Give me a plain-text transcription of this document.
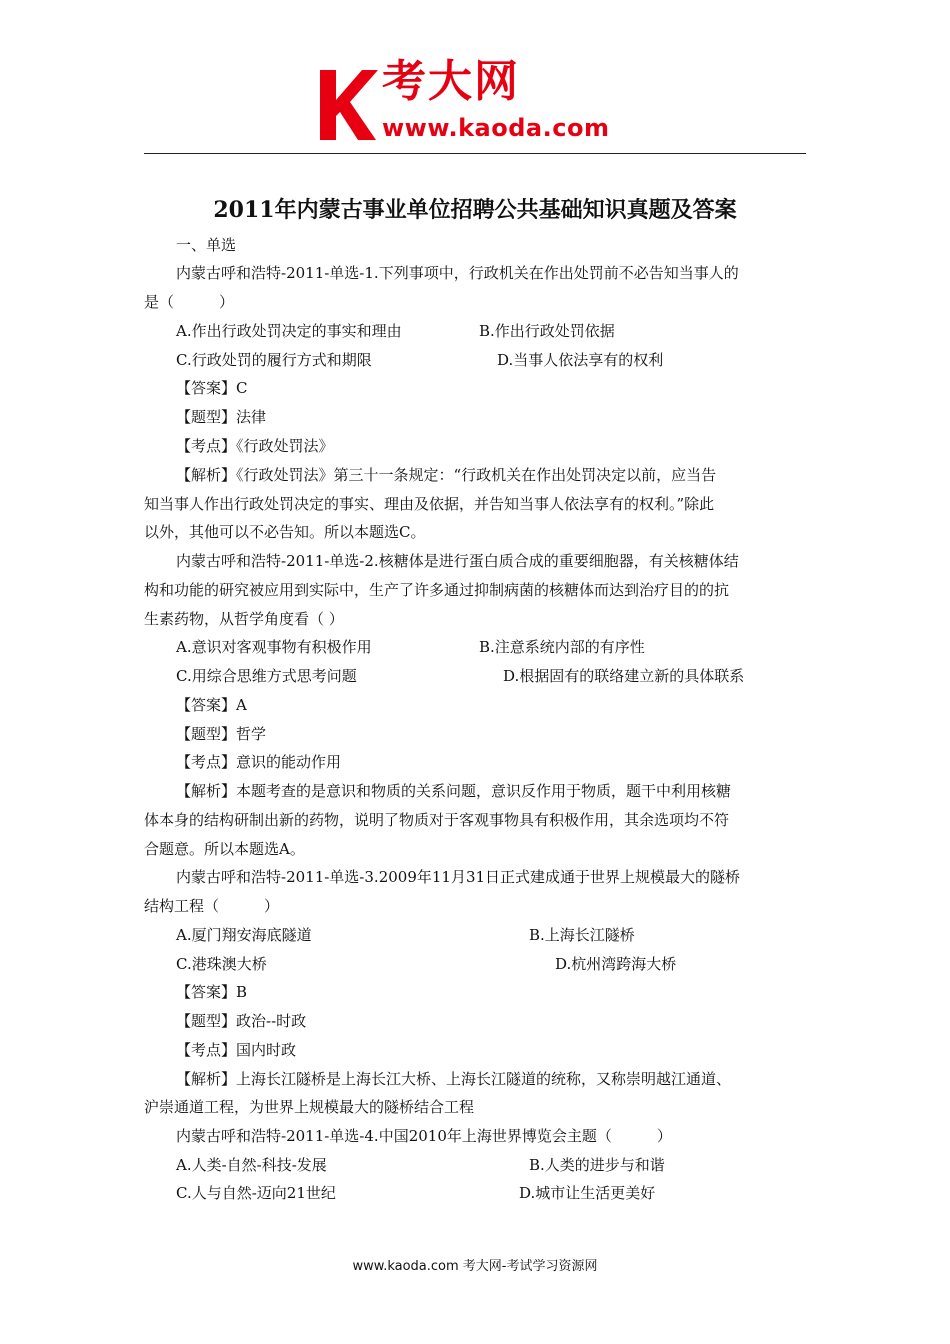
考大网
www.kaoda.com
2011年内蒙古事业单位招聘公共基础知识真题及答案
一、单选
内蒙古呼和浩特-2011-单选-1.下列事项中，行政机关在作出处罚前不必告知当事人的
是（　　　）
A.作出行政处罚决定的事实和理由	B.作出行政处罚依据
C.行政处罚的履行方式和期限	D.当事人依法享有的权利
【答案】C
【题型】法律
【考点】《行政处罚法》
【解析】《行政处罚法》第三十一条规定：“行政机关在作出处罚决定以前，应当告
知当事人作出行政处罚决定的事实、理由及依据，并告知当事人依法享有的权利。”除此
以外，其他可以不必告知。所以本题选C。
内蒙古呼和浩特-2011-单选-2.核糖体是进行蛋白质合成的重要细胞器，有关核糖体结
构和功能的研究被应用到实际中，生产了许多通过抑制病菌的核糖体而达到治疗目的的抗
生素药物，从哲学角度看（ ）
A.意识对客观事物有积极作用	B.注意系统内部的有序性
C.用综合思维方式思考问题	D.根据固有的联络建立新的具体联系
【答案】A
【题型】哲学
【考点】意识的能动作用
【解析】本题考查的是意识和物质的关系问题，意识反作用于物质，题干中利用核糖
体本身的结构研制出新的药物，说明了物质对于客观事物具有积极作用，其余选项均不符
合题意。所以本题选A。
内蒙古呼和浩特-2011-单选-3.2009年11月31日正式建成通于世界上规模最大的隧桥
结构工程（　　　）
A.厦门翔安海底隧道	B.上海长江隧桥
C.港珠澳大桥	D.杭州湾跨海大桥
【答案】B
【题型】政治--时政
【考点】国内时政
【解析】上海长江隧桥是上海长江大桥、上海长江隧道的统称，又称崇明越江通道、
沪崇通道工程，为世界上规模最大的隧桥结合工程
内蒙古呼和浩特-2011-单选-4.中国2010年上海世界博览会主题（　　　）
A.人类-自然-科技-发展	B.人类的进步与和谐
C.人与自然-迈向21世纪	D.城市让生活更美好
www.kaoda.com 考大网-考试学习资源网
